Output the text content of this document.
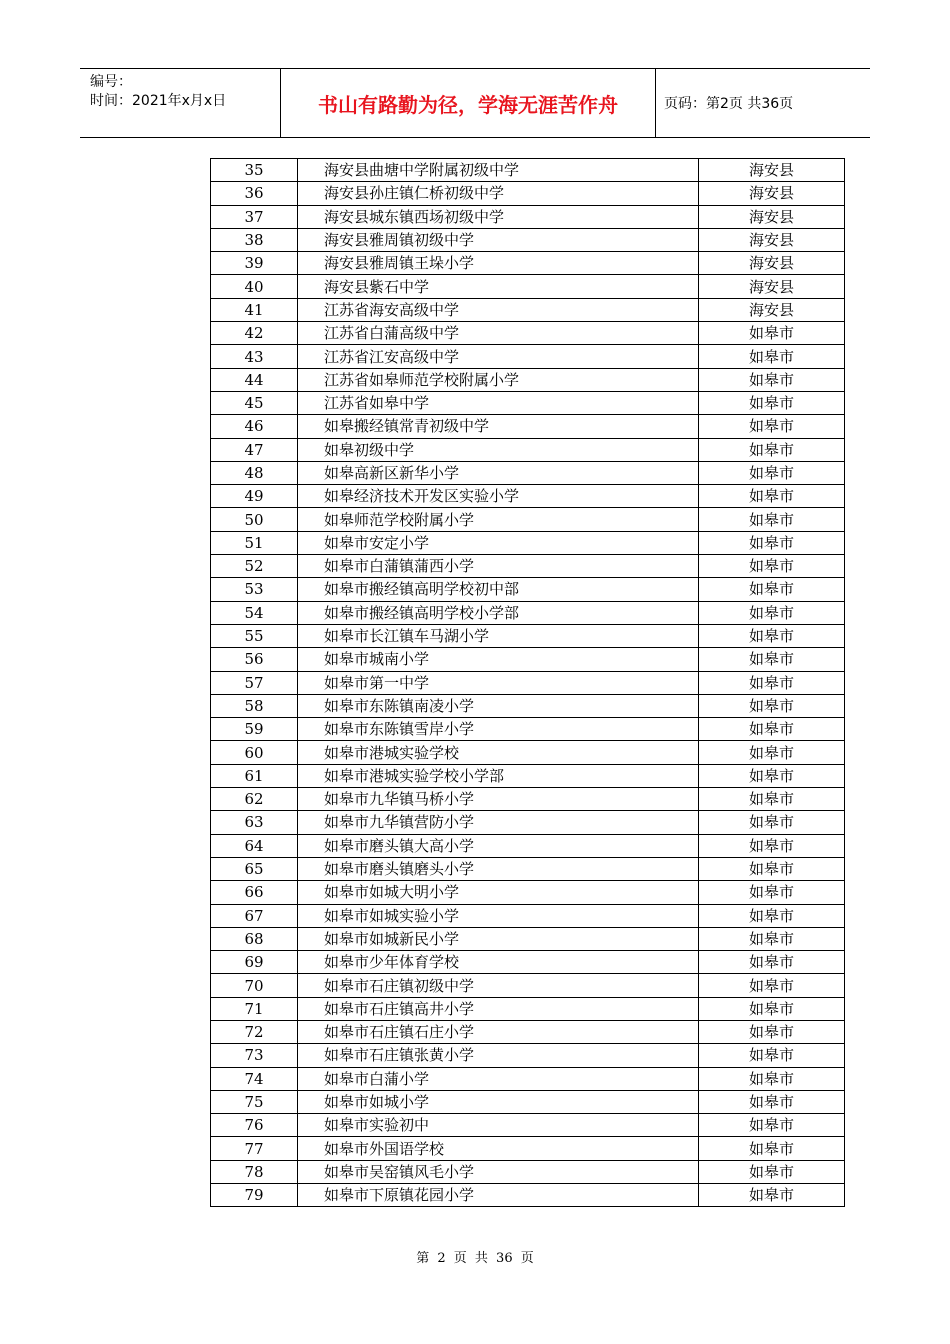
编号：
时间：2021年x月x日	书山有路勤为径，学海无涯苦作舟	页码：第2页 共36页
35	海安县曲塘中学附属初级中学	海安县
36	海安县孙庄镇仁桥初级中学	海安县
37	海安县城东镇西场初级中学	海安县
38	海安县雅周镇初级中学	海安县
39	海安县雅周镇王垛小学	海安县
40	海安县紫石中学	海安县
41	江苏省海安高级中学	海安县
42	江苏省白蒲高级中学	如皋市
43	江苏省江安高级中学	如皋市
44	江苏省如皋师范学校附属小学	如皋市
45	江苏省如皋中学	如皋市
46	如皋搬经镇常青初级中学	如皋市
47	如皋初级中学	如皋市
48	如皋高新区新华小学	如皋市
49	如皋经济技术开发区实验小学	如皋市
50	如皋师范学校附属小学	如皋市
51	如皋市安定小学	如皋市
52	如皋市白蒲镇蒲西小学	如皋市
53	如皋市搬经镇高明学校初中部	如皋市
54	如皋市搬经镇高明学校小学部	如皋市
55	如皋市长江镇车马湖小学	如皋市
56	如皋市城南小学	如皋市
57	如皋市第一中学	如皋市
58	如皋市东陈镇南凌小学	如皋市
59	如皋市东陈镇雪岸小学	如皋市
60	如皋市港城实验学校	如皋市
61	如皋市港城实验学校小学部	如皋市
62	如皋市九华镇马桥小学	如皋市
63	如皋市九华镇营防小学	如皋市
64	如皋市磨头镇大高小学	如皋市
65	如皋市磨头镇磨头小学	如皋市
66	如皋市如城大明小学	如皋市
67	如皋市如城实验小学	如皋市
68	如皋市如城新民小学	如皋市
69	如皋市少年体育学校	如皋市
70	如皋市石庄镇初级中学	如皋市
71	如皋市石庄镇高井小学	如皋市
72	如皋市石庄镇石庄小学	如皋市
73	如皋市石庄镇张黄小学	如皋市
74	如皋市白蒲小学	如皋市
75	如皋市如城小学	如皋市
76	如皋市实验初中	如皋市
77	如皋市外国语学校	如皋市
78	如皋市吴窑镇风毛小学	如皋市
79	如皋市下原镇花园小学	如皋市
第 2 页 共 36 页
